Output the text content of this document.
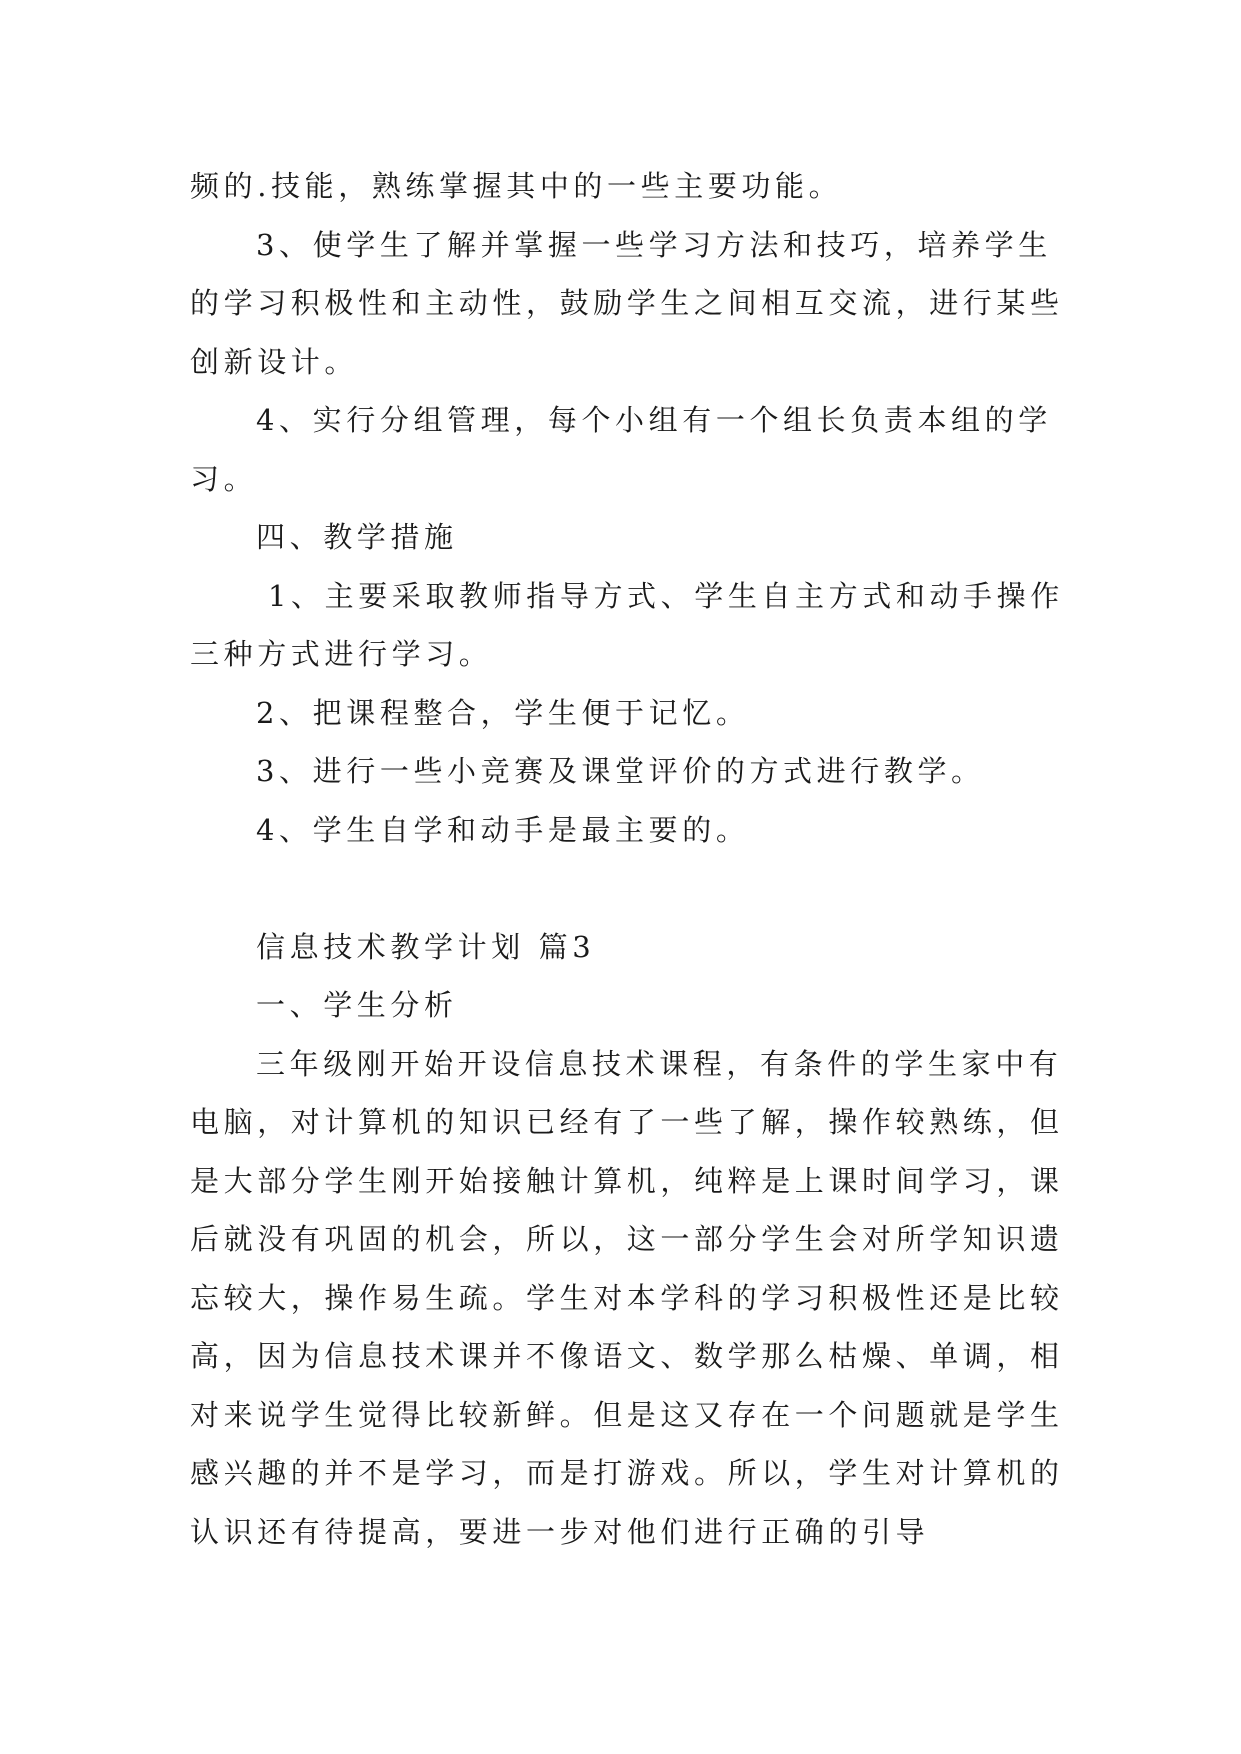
频的.技能，熟练掌握其中的一些主要功能。
3、使学生了解并掌握一些学习方法和技巧，培养学生
的学习积极性和主动性，鼓励学生之间相互交流，进行某些
创新设计。
4、实行分组管理，每个小组有一个组长负责本组的学
习。
四、教学措施
1、主要采取教师指导方式、学生自主方式和动手操作
三种方式进行学习。
2、把课程整合，学生便于记忆。
3、进行一些小竞赛及课堂评价的方式进行教学。
4、学生自学和动手是最主要的。
信息技术教学计划 篇3
一、学生分析
三年级刚开始开设信息技术课程，有条件的学生家中有
电脑，对计算机的知识已经有了一些了解，操作较熟练，但
是大部分学生刚开始接触计算机，纯粹是上课时间学习，课
后就没有巩固的机会，所以，这一部分学生会对所学知识遗
忘较大，操作易生疏。学生对本学科的学习积极性还是比较
高，因为信息技术课并不像语文、数学那么枯燥、单调，相
对来说学生觉得比较新鲜。但是这又存在一个问题就是学生
感兴趣的并不是学习，而是打游戏。所以，学生对计算机的
认识还有待提高，要进一步对他们进行正确的引导
